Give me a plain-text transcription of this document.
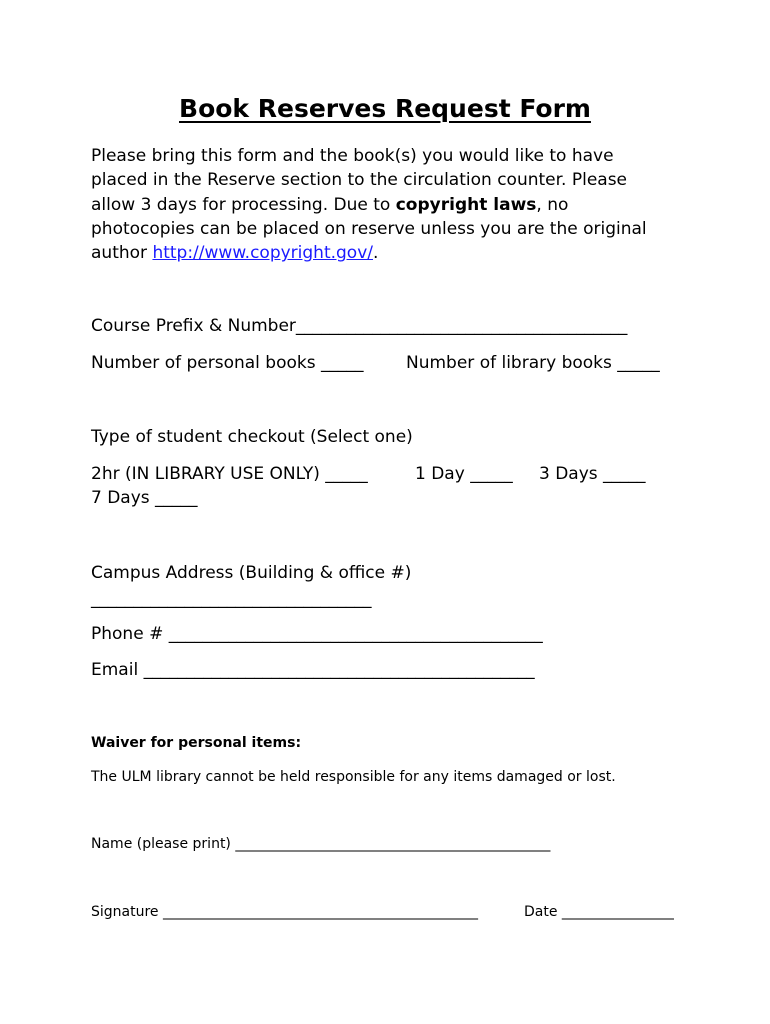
Book Reserves Request Form
Please bring this form and the book(s) you would like to have
placed in the Reserve section to the circulation counter. Please
allow 3 days for processing. Due to copyright laws, no
photocopies can be placed on reserve unless you are the original
author http://www.copyright.gov/.

Course Prefix & Number_______________________________________

Number of personal books _____	Number of library books _____

Type of student checkout (Select one)

2hr (IN LIBRARY USE ONLY) _____	1 Day _____ 3 Days _____

7 Days _____

Campus Address (Building & office #)

_________________________________

Phone # ____________________________________________

Email ______________________________________________

Waiver for personal items:

The ULM library cannot be held responsible for any items damaged or lost.

Name (please print) _____________________________________________

Signature _____________________________________________	Date ________________
